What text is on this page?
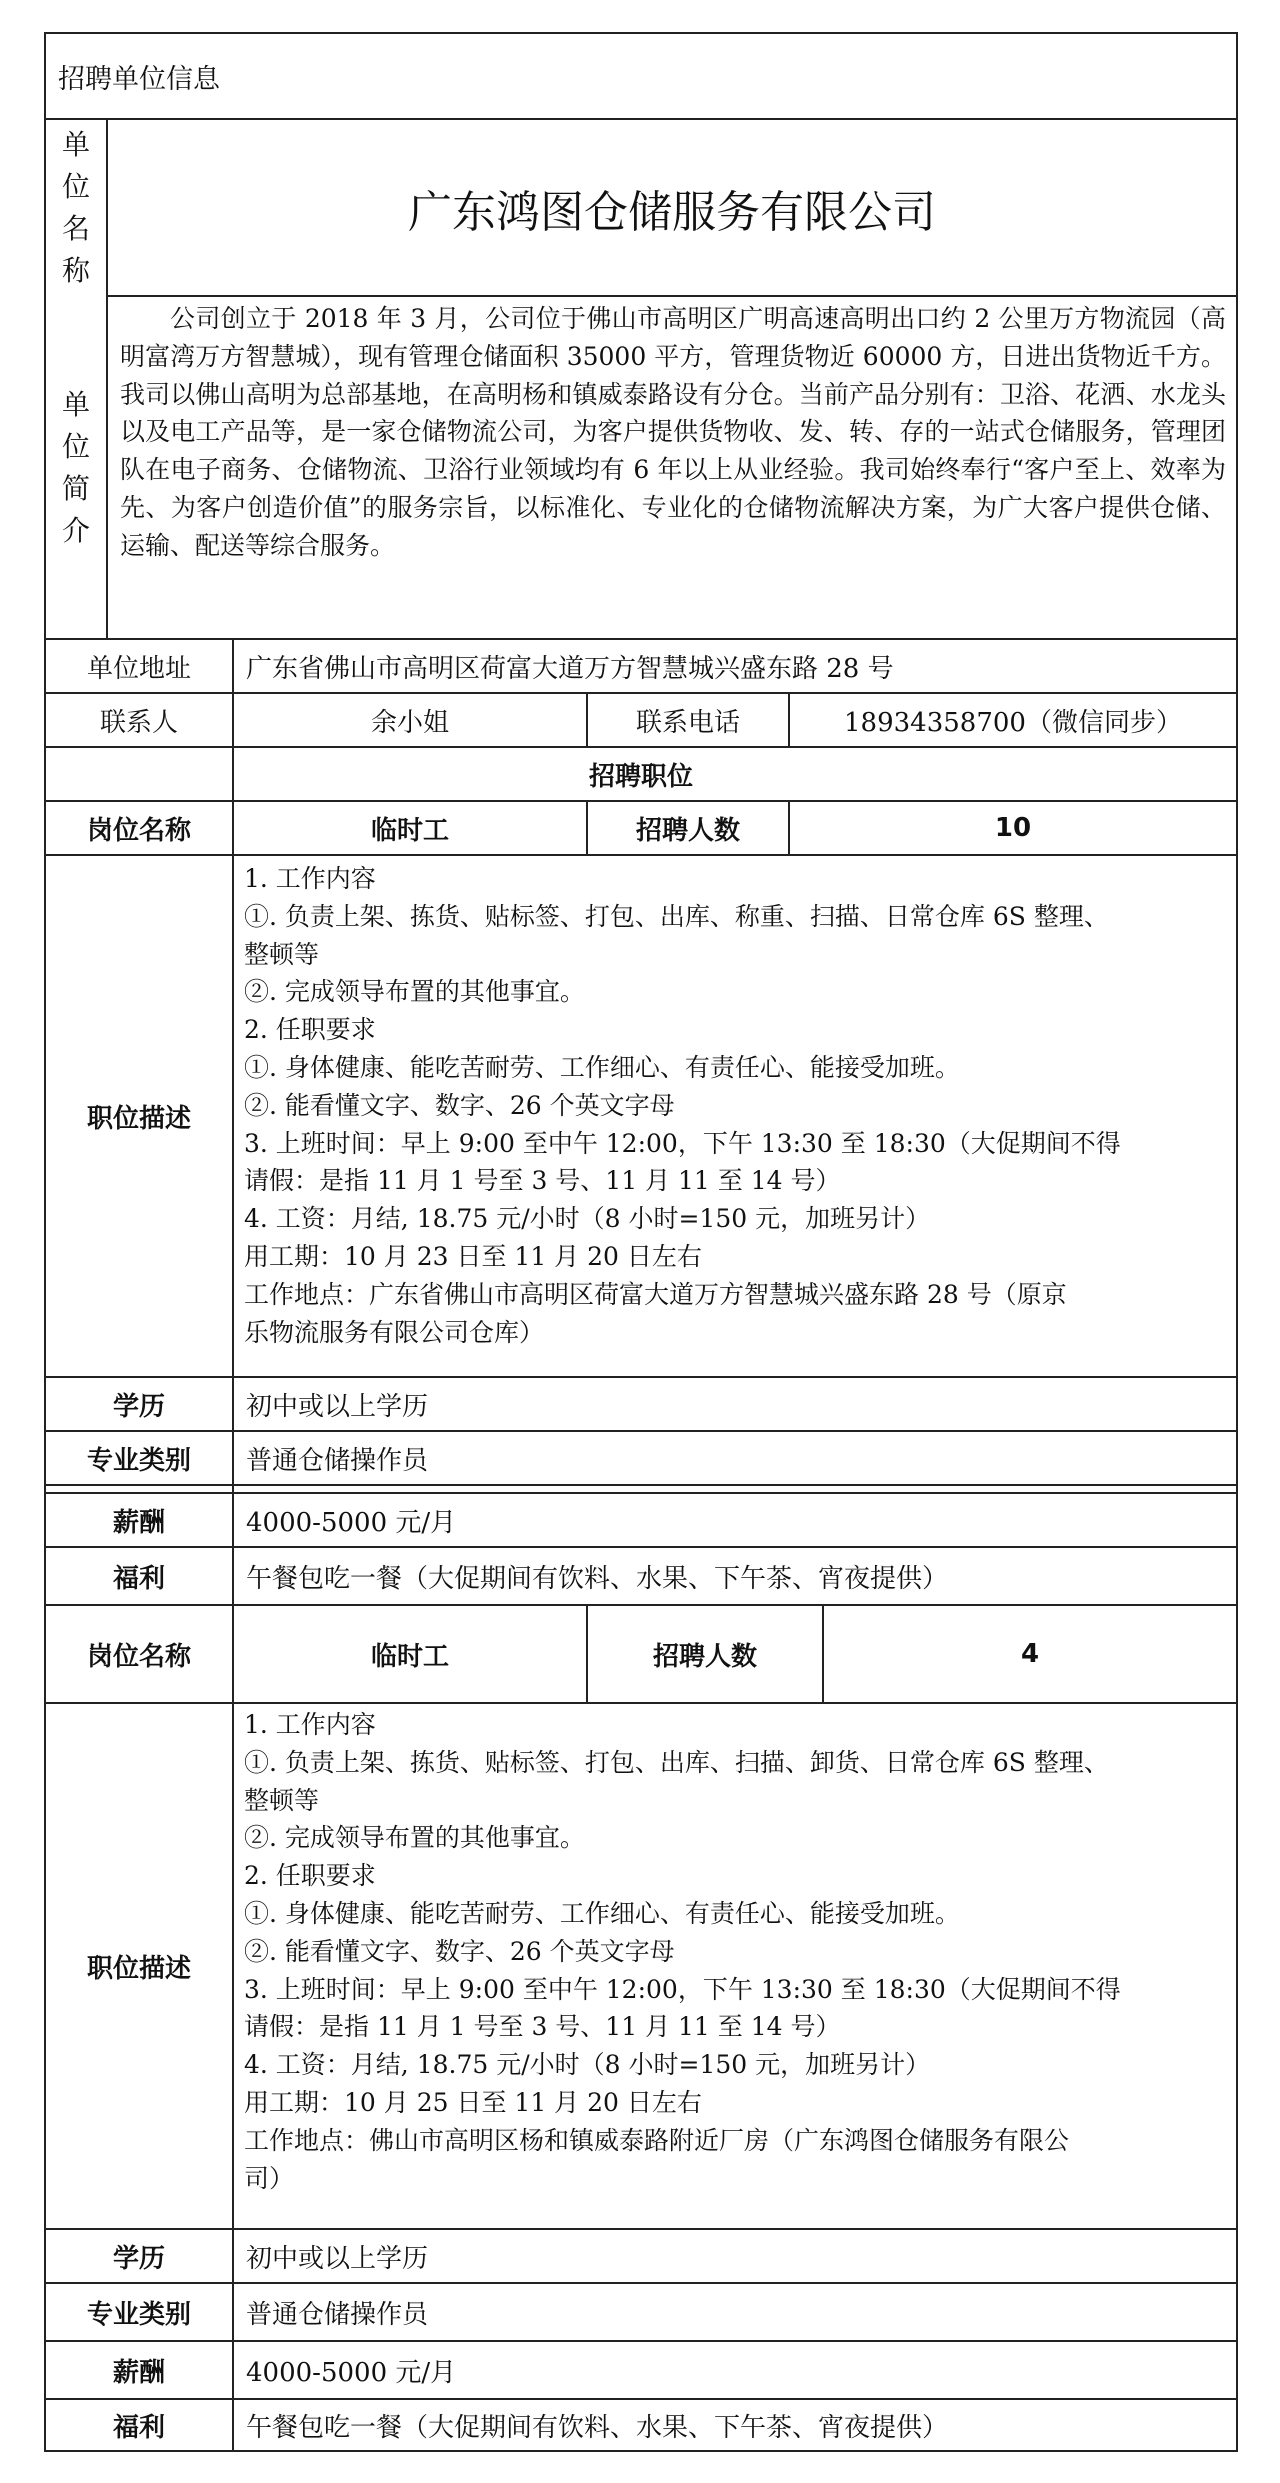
招聘单位信息
单
位
名
称
广东鸿图仓储服务有限公司
单
位
简
介
公司创立于 2018 年 3 月，公司位于佛山市高明区广明高速高明出口约 2 公里万方物流园（高明富湾万方智慧城），现有管理仓储面积 35000 平方，管理货物近 60000 方，日进出货物近千方。我司以佛山高明为总部基地，在高明杨和镇威泰路设有分仓。当前产品分别有：卫浴、花洒、水龙头以及电工产品等，是一家仓储物流公司，为客户提供货物收、发、转、存的一站式仓储服务，管理团队在电子商务、仓储物流、卫浴行业领域均有 6 年以上从业经验。我司始终奉行“客户至上、效率为先、为客户创造价值”的服务宗旨，以标准化、专业化的仓储物流解决方案，为广大客户提供仓储、运输、配送等综合服务。
单位地址	广东省佛山市高明区荷富大道万方智慧城兴盛东路 28 号
联系人	余小姐	联系电话	18934358700（微信同步）
招聘职位
岗位名称	临时工	招聘人数	10
职位描述
1. 工作内容
①. 负责上架、拣货、贴标签、打包、出库、称重、扫描、日常仓库 6S 整理、
整顿等
②. 完成领导布置的其他事宜。
2. 任职要求
①. 身体健康、能吃苦耐劳、工作细心、有责任心、能接受加班。
②. 能看懂文字、数字、26 个英文字母
3. 上班时间：早上 9:00 至中午 12:00，下午 13:30 至 18:30（大促期间不得
请假：是指 11 月 1 号至 3 号、11 月 11 至 14 号）
4. 工资：月结, 18.75 元/小时（8 小时=150 元，加班另计）
用工期：10 月 23 日至 11 月 20 日左右
工作地点：广东省佛山市高明区荷富大道万方智慧城兴盛东路 28 号（原京
乐物流服务有限公司仓库）
学历	初中或以上学历
专业类别	普通仓储操作员
薪酬	4000-5000 元/月
福利	午餐包吃一餐（大促期间有饮料、水果、下午茶、宵夜提供）
岗位名称	临时工	招聘人数	4
职位描述
1. 工作内容
①. 负责上架、拣货、贴标签、打包、出库、扫描、卸货、日常仓库 6S 整理、
整顿等
②. 完成领导布置的其他事宜。
2. 任职要求
①. 身体健康、能吃苦耐劳、工作细心、有责任心、能接受加班。
②. 能看懂文字、数字、26 个英文字母
3. 上班时间：早上 9:00 至中午 12:00，下午 13:30 至 18:30（大促期间不得
请假：是指 11 月 1 号至 3 号、11 月 11 至 14 号）
4. 工资：月结, 18.75 元/小时（8 小时=150 元，加班另计）
用工期：10 月 25 日至 11 月 20 日左右
工作地点：佛山市高明区杨和镇威泰路附近厂房（广东鸿图仓储服务有限公
司）
学历	初中或以上学历
专业类别	普通仓储操作员
薪酬	4000-5000 元/月
福利	午餐包吃一餐（大促期间有饮料、水果、下午茶、宵夜提供）
